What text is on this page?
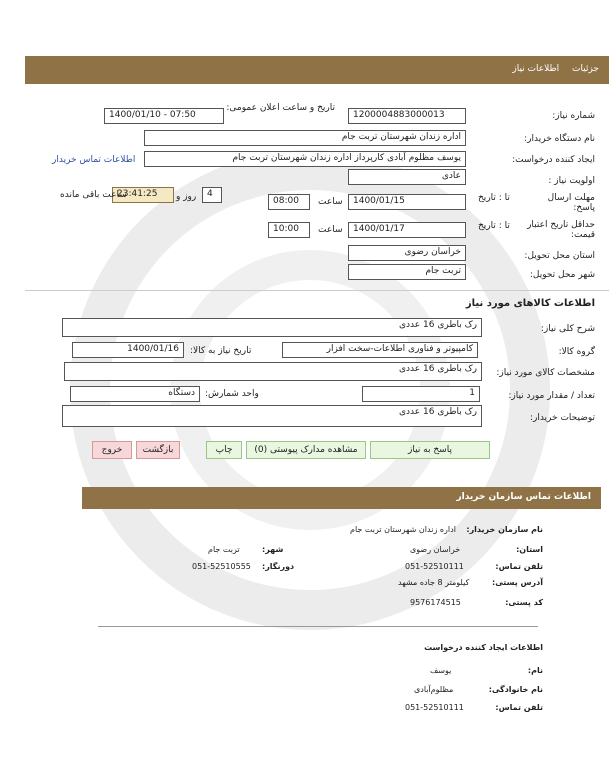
جزئیات اطلاعات نیاز
شماره نیاز:
1200004883000013
تاریخ و ساعت اعلان عمومی:
1400/01/10 - 07:50
نام دستگاه خریدار:
اداره زندان شهرستان تربت جام
ایجاد کننده درخواست:
یوسف مظلوم آبادی کارپرداز اداره زندان شهرستان تربت جام
اطلاعات تماس خریدار
اولویت نیاز :
عادی
مهلت ارسال پاسخ:
تا : تاریخ
1400/01/15
ساعت
08:00
4
روز و
23:41:25
ساعت باقی مانده
حداقل تاریخ اعتبار قیمت:
تا : تاریخ
1400/01/17
ساعت
10:00
استان محل تحویل:
خراسان رضوی
شهر محل تحویل:
تربت جام
اطلاعات کالاهای مورد نیاز
شرح کلی نیاز:
رک باطری 16 عددی
گروه کالا:
کامپیوتر و فناوری اطلاعات-سخت افزار
تاریخ نیاز به کالا:
1400/01/16
مشخصات کالای مورد نیاز:
رک باطری 16 عددی
تعداد / مقدار مورد نیاز:
1
واحد شمارش:
دستگاه
توضیحات خریدار:
رک باطری 16 عددی
پاسخ به نیاز
مشاهده مدارک پیوستی (0)
چاپ
بازگشت
خروج
اطلاعات تماس سازمان خریدار
نام سازمان خریدار:
اداره زندان شهرستان تربت جام
استان:
خراسان رضوی
شهر:
تربت جام
تلفن تماس:
051-52510111
دورنگار:
051-52510555
آدرس پستی:
کیلومتر 8 جاده مشهد
کد پستی:
9576174515
اطلاعات ایجاد کننده درخواست
نام:
یوسف
نام خانوادگی:
مظلوم‌آبادی
تلفن تماس:
051-52510111
